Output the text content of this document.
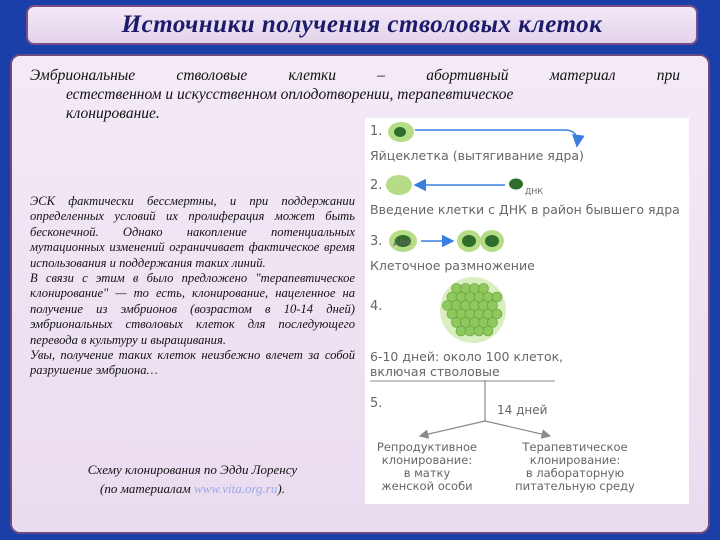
Источники получения стволовых клеток
Эмбриональные стволовые клетки – абортивный материал при
естественном и искусственном оплодотворении, терапевтическое
клонирование.

ЭСК фактически бессмертны, и при поддержании определенных условий их пролиферация может быть бесконечной. Однако накопление потенциальных мутационных изменений ограничивает фактическое время использования и поддержания таких линий.

В связи с этим в было предложено "терапевтическое клонирование" — то есть, клонирование, нацеленное на получение из эмбрионов (возрастом в 10-14 дней) эмбриональных стволовых клеток для последующего перевода в культуру и выращивания.

Увы, получение таких клеток неизбежно влечет за собой разрушение эмбриона…

Схему клонирования по Эдди Лоренсу
(по материалам www.vita.org.ru).
1.
Яйцеклетка (вытягивание ядра)
2.	ДНК
Введение клетки с ДНК в район бывшего ядра
3. ДНК
Клеточное размножение
4.
6-10 дней: около 100 клеток,
включая стволовые
5.	14 дней
Репродуктивное
клонирование:
в матку
женской особи
Терапевтическое
клонирование:
в лабораторную
питательную среду
